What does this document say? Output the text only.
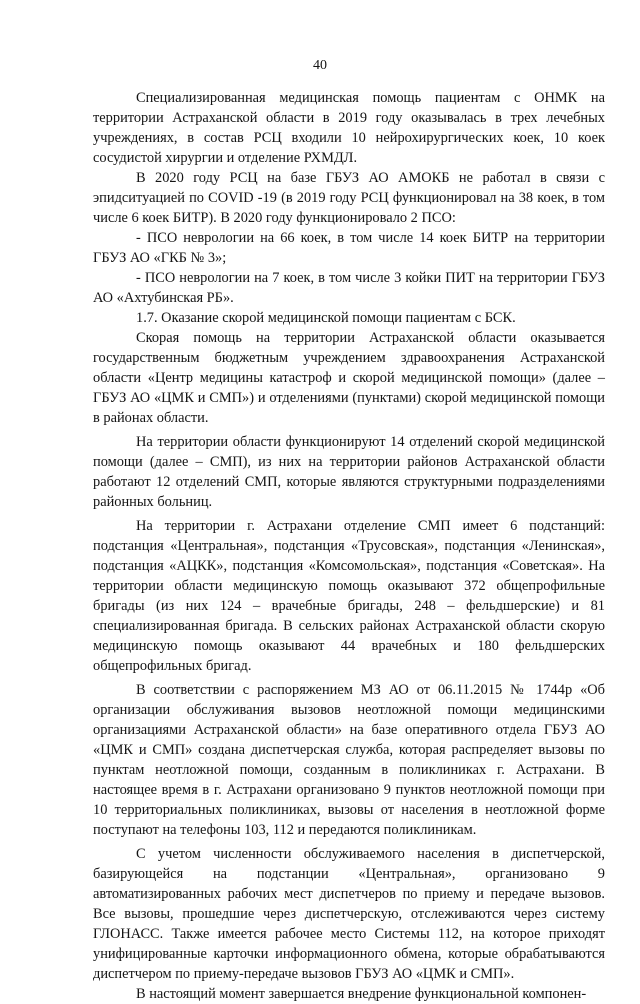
40

Специализированная медицинская помощь пациентам с ОНМК на территории Астраханской области в 2019 году оказывалась в трех лечебных учреждениях, в состав РСЦ входили 10 нейрохирургических коек, 10 коек сосудистой хирургии и отделение РХМДЛ.

В 2020 году РСЦ на базе ГБУЗ АО АМОКБ не работал в связи с эпидситуацией по COVID -19 (в 2019 году РСЦ функционировал на 38 коек, в том числе 6 коек БИТР). В 2020 году функционировало 2 ПСО:

- ПСО неврологии на 66 коек, в том числе 14 коек БИТР на территории ГБУЗ АО «ГКБ № 3»;

- ПСО неврологии на 7 коек, в том числе 3 койки ПИТ на территории ГБУЗ АО «Ахтубинская РБ».

1.7. Оказание скорой медицинской помощи пациентам с БСК.

Скорая помощь на территории Астраханской области оказывается государственным бюджетным учреждением здравоохранения Астраханской области «Центр медицины катастроф и скорой медицинской помощи» (далее – ГБУЗ АО «ЦМК и СМП») и отделениями (пунктами) скорой медицинской помощи в районах области.

На территории области функционируют 14 отделений скорой медицинской помощи (далее – СМП), из них на территории районов Астраханской области работают 12 отделений СМП, которые являются структурными подразделениями районных больниц.

На территории г. Астрахани отделение СМП имеет 6 подстанций: подстанция «Центральная», подстанция «Трусовская», подстанция «Ленинская», подстанция «АЦКК», подстанция «Комсомольская», подстанция «Советская». На территории области медицинскую помощь оказывают 372 общепрофильные бригады (из них 124 – врачебные бригады, 248 – фельдшерские) и 81 специализированная бригада. В сельских районах Астраханской области скорую медицинскую помощь оказывают 44 врачебных и 180 фельдшерских общепрофильных бригад.

В соответствии с распоряжением МЗ АО от 06.11.2015 № 1744р «Об организации обслуживания вызовов неотложной помощи медицинскими организациями Астраханской области» на базе оперативного отдела ГБУЗ АО «ЦМК и СМП» создана диспетчерская служба, которая распределяет вызовы по пунктам неотложной помощи, созданным в поликлиниках г. Астрахани. В настоящее время в г. Астрахани организовано 9 пунктов неотложной помощи при 10 территориальных поликлиниках, вызовы от населения в неотложной форме поступают на телефоны 103, 112 и передаются поликлиникам.

С учетом численности обслуживаемого населения в диспетчерской, базирующейся на подстанции «Центральная», организовано 9 автоматизированных рабочих мест диспетчеров по приему и передаче вызовов. Все вызовы, прошедшие через диспетчерскую, отслеживаются через систему ГЛОНАСС. Также имеется рабочее место Системы 112, на которое приходят унифицированные карточки информационного обмена, которые обрабатываются диспетчером по приему-передаче вызовов ГБУЗ АО «ЦМК и СМП».

В настоящий момент завершается внедрение функциональной компонен-
